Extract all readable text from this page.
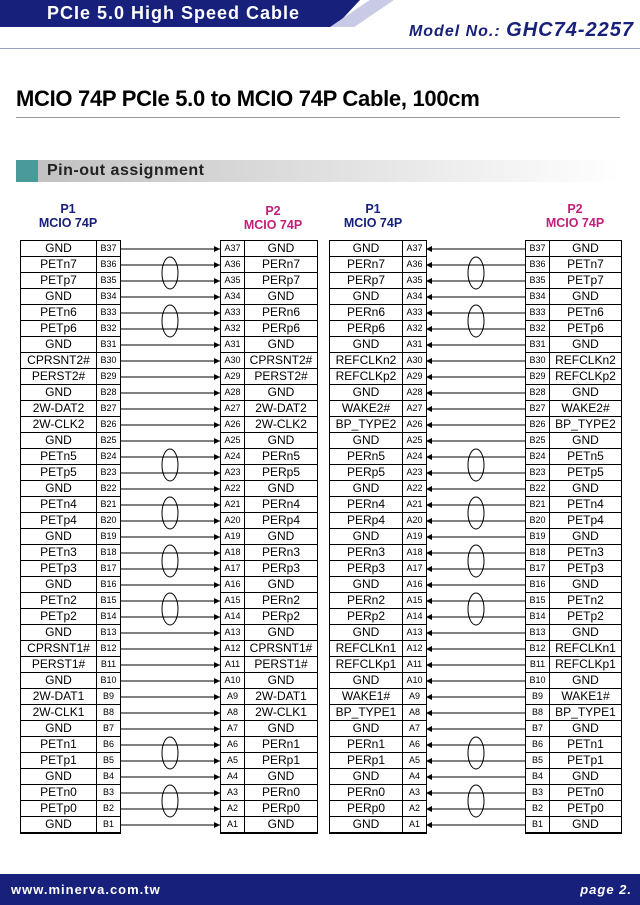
PCIe 5.0 High Speed Cable
Model No.: GHC74-2257
MCIO 74P PCIe 5.0 to MCIO 74P Cable, 100cm
Pin-out assignment
P1
MCIO 74P
P2
MCIO 74P
P1
MCIO 74P
P2
MCIO 74P
GND	B37
PETn7	B36
PETp7	B35
GND	B34
PETn6	B33
PETp6	B32
GND	B31
CPRSNT2#	B30
PERST2#	B29
GND	B28
2W-DAT2	B27
2W-CLK2	B26
GND	B25
PETn5	B24
PETp5	B23
GND	B22
PETn4	B21
PETp4	B20
GND	B19
PETn3	B18
PETp3	B17
GND	B16
PETn2	B15
PETp2	B14
GND	B13
CPRSNT1#	B12
PERST1#	B11
GND	B10
2W-DAT1	B9
2W-CLK1	B8
GND	B7
PETn1	B6
PETp1	B5
GND	B4
PETn0	B3
PETp0	B2
GND	B1
A37	GND
A36	PERn7
A35	PERp7
A34	GND
A33	PERn6
A32	PERp6
A31	GND
A30 CPRSNT2#
A29	PERST2#
A28	GND
A27	2W-DAT2
A26	2W-CLK2
A25	GND
A24	PERn5
A23	PERp5
A22	GND
A21	PERn4
A20	PERp4
A19	GND
A18	PERn3
A17	PERp3
A16	GND
A15	PERn2
A14	PERp2
A13	GND
A12 CPRSNT1#
A11	PERST1#
A10	GND
A9	2W-DAT1
A8	2W-CLK1
A7	GND
A6	PERn1
A5	PERp1
A4	GND
A3	PERn0
A2	PERp0
A1	GND
GND	A37
PERn7	A36
PERp7	A35
GND	A34
PERn6	A33
PERp6	A32
GND	A31
REFCLKn2	A30
REFCLKp2	A29
GND	A28
WAKE2#	A27
BP_TYPE2	A26
GND	A25
PERn5	A24
PERp5	A23
GND	A22
PERn4	A21
PERp4	A20
GND	A19
PERn3	A18
PERp3	A17
GND	A16
PERn2	A15
PERp2	A14
GND	A13
REFCLKn1	A12
REFCLKp1	A11
GND	A10
WAKE1#	A9
BP_TYPE1	A8
GND	A7
PERn1	A6
PERp1	A5
GND	A4
PERn0	A3
PERp0	A2
GND	A1
B37	GND
B36	PETn7
B35	PETp7
B34	GND
B33	PETn6
B32	PETp6
B31	GND
B30 REFCLKn2
B29 REFCLKp2
B28	GND
B27	WAKE2#
B26 BP_TYPE2
B25	GND
B24	PETn5
B23	PETp5
B22	GND
B21	PETn4
B20	PETp4
B19	GND
B18	PETn3
B17	PETp3
B16	GND
B15	PETn2
B14	PETp2
B13	GND
B12 REFCLKn1
B11 REFCLKp1
B10	GND
B9	WAKE1#
B8	BP_TYPE1
B7	GND
B6	PETn1
B5	PETp1
B4	GND
B3	PETn0
B2	PETp0
B1	GND
www.minerva.com.tw	page 2.
